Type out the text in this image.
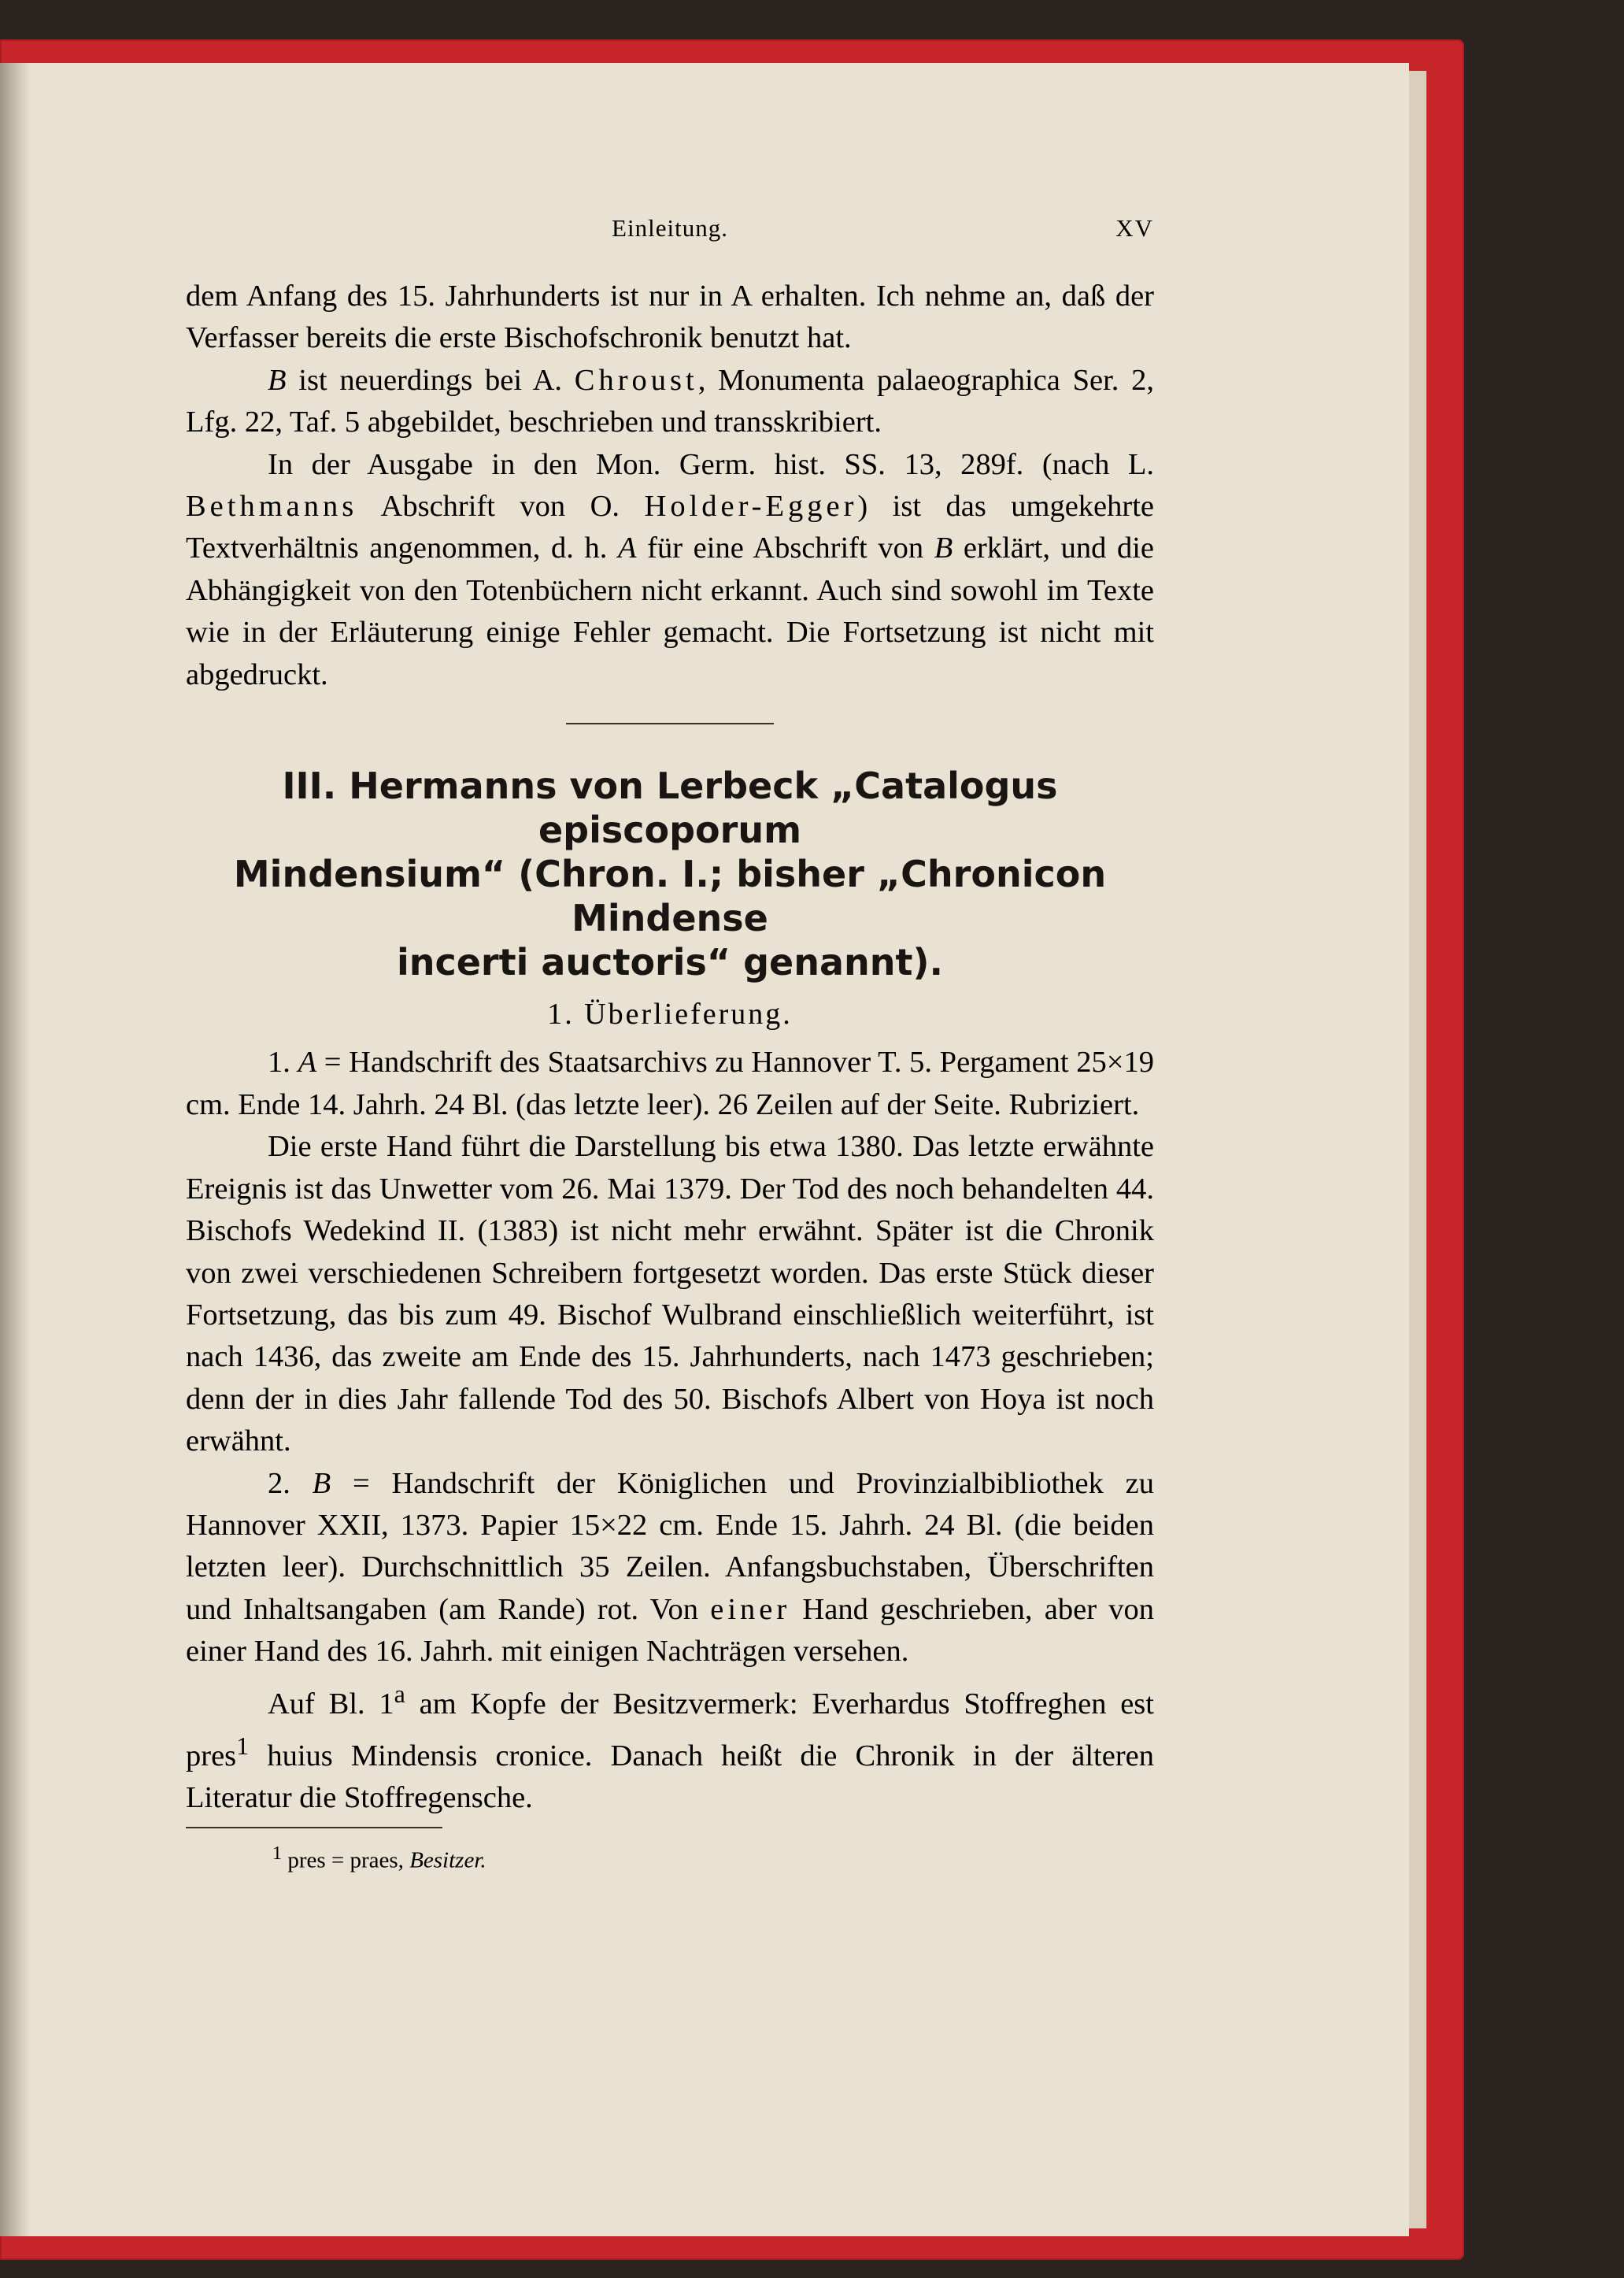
Einleitung.	XV

dem Anfang des 15. Jahrhunderts ist nur in A erhalten. Ich nehme an, daß der Verfasser bereits die erste Bischofschronik benutzt hat.

B ist neuerdings bei A. Chroust, Monumenta palaeographica Ser. 2, Lfg. 22, Taf. 5 abgebildet, beschrieben und transskribiert.

In der Ausgabe in den Mon. Germ. hist. SS. 13, 289f. (nach L. Bethmanns Abschrift von O. Holder-Egger) ist das umgekehrte Textverhältnis angenommen, d. h. A für eine Abschrift von B erklärt, und die Abhängigkeit von den Totenbüchern nicht erkannt. Auch sind sowohl im Texte wie in der Erläuterung einige Fehler gemacht. Die Fortsetzung ist nicht mit abgedruckt.

III. Hermanns von Lerbeck „Catalogus episcoporum
Mindensium“ (Chron. I.; bisher „Chronicon Mindense
incerti auctoris“ genannt).

1. Überlieferung.

1. A = Handschrift des Staatsarchivs zu Hannover T. 5. Pergament 25×19 cm. Ende 14. Jahrh. 24 Bl. (das letzte leer). 26 Zeilen auf der Seite. Rubriziert.

Die erste Hand führt die Darstellung bis etwa 1380. Das letzte erwähnte Ereignis ist das Unwetter vom 26. Mai 1379. Der Tod des noch behandelten 44. Bischofs Wedekind II. (1383) ist nicht mehr erwähnt. Später ist die Chronik von zwei verschiedenen Schreibern fortgesetzt worden. Das erste Stück dieser Fortsetzung, das bis zum 49. Bischof Wulbrand einschließlich weiterführt, ist nach 1436, das zweite am Ende des 15. Jahrhunderts, nach 1473 geschrieben; denn der in dies Jahr fallende Tod des 50. Bischofs Albert von Hoya ist noch erwähnt.

2. B = Handschrift der Königlichen und Provinzialbibliothek zu Hannover XXII, 1373. Papier 15×22 cm. Ende 15. Jahrh. 24 Bl. (die beiden letzten leer). Durchschnittlich 35 Zeilen. Anfangsbuchstaben, Überschriften und Inhaltsangaben (am Rande) rot. Von einer Hand geschrieben, aber von einer Hand des 16. Jahrh. mit einigen Nachträgen versehen.

Auf Bl. 1$^a$ am Kopfe der Besitzvermerk: Everhardus Stoffreghen est pres$^1$ huius Mindensis cronice. Danach heißt die Chronik in der älteren Literatur die Stoffregensche.

$^1$ pres = praes, Besitzer.
